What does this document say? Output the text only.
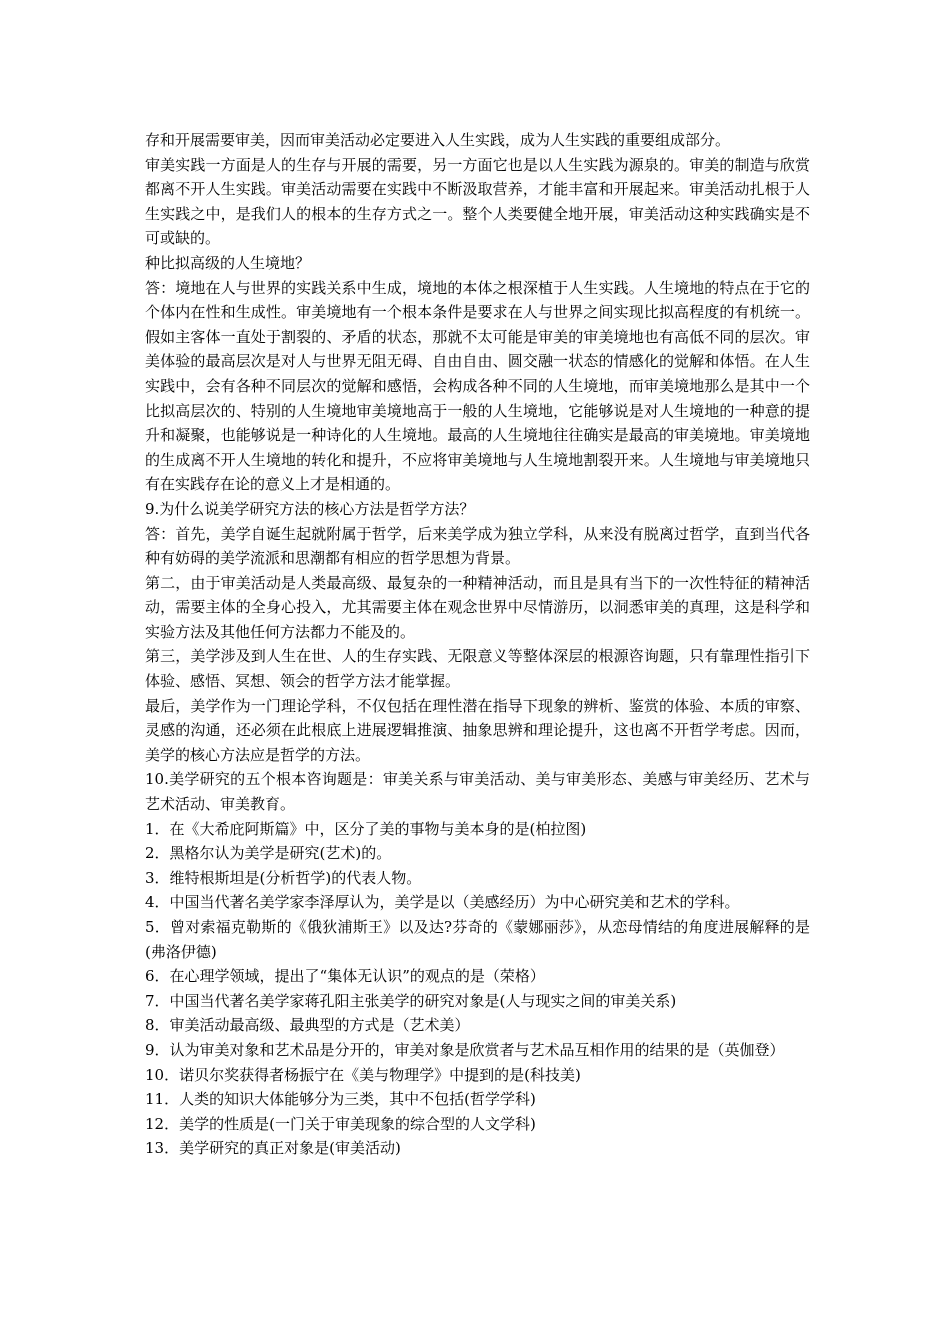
存和开展需要审美，因而审美活动必定要进入人生实践，成为人生实践的重要组成部分。

审美实践一方面是人的生存与开展的需要，另一方面它也是以人生实践为源泉的。审美的制造与欣赏都离不开人生实践。审美活动需要在实践中不断汲取营养，才能丰富和开展起来。审美活动扎根于人生实践之中，是我们人的根本的生存方式之一。整个人类要健全地开展，审美活动这种实践确实是不可或缺的。

种比拟高级的人生境地？

答：境地在人与世界的实践关系中生成，境地的本体之根深植于人生实践。人生境地的特点在于它的个体内在性和生成性。审美境地有一个根本条件是要求在人与世界之间实现比拟高程度的有机统一。假如主客体一直处于割裂的、矛盾的状态，那就不太可能是审美的审美境地也有高低不同的层次。审美体验的最高层次是对人与世界无阻无碍、自由自由、圆交融一状态的情感化的觉解和体悟。在人生实践中，会有各种不同层次的觉解和感悟，会构成各种不同的人生境地，而审美境地那么是其中一个比拟高层次的、特别的人生境地审美境地高于一般的人生境地，它能够说是对人生境地的一种意的提升和凝聚，也能够说是一种诗化的人生境地。最高的人生境地往往确实是最高的审美境地。审美境地的生成离不开人生境地的转化和提升，不应将审美境地与人生境地割裂开来。人生境地与审美境地只有在实践存在论的意义上才是相通的。

9.为什么说美学研究方法的核心方法是哲学方法？

答：首先，美学自诞生起就附属于哲学，后来美学成为独立学科，从来没有脱离过哲学，直到当代各种有妨碍的美学流派和思潮都有相应的哲学思想为背景。

第二，由于审美活动是人类最高级、最复杂的一种精神活动，而且是具有当下的一次性特征的精神活动，需要主体的全身心投入，尤其需要主体在观念世界中尽情游历，以洞悉审美的真理，这是科学和实验方法及其他任何方法都力不能及的。

第三，美学涉及到人生在世、人的生存实践、无限意义等整体深层的根源咨询题，只有靠理性指引下体验、感悟、冥想、领会的哲学方法才能掌握。

最后，美学作为一门理论学科，不仅包括在理性潜在指导下现象的辨析、鉴赏的体验、本质的审察、灵感的沟通，还必须在此根底上进展逻辑推演、抽象思辨和理论提升，这也离不开哲学考虑。因而，美学的核心方法应是哲学的方法。

10.美学研究的五个根本咨询题是：审美关系与审美活动、美与审美形态、美感与审美经历、艺术与艺术活动、审美教育。

1．在《大希庇阿斯篇》中，区分了美的事物与美本身的是(柏拉图)

2．黑格尔认为美学是研究(艺术)的。

3．维特根斯坦是(分析哲学)的代表人物。

4．中国当代著名美学家李泽厚认为，美学是以（美感经历）为中心研究美和艺术的学科。

5．曾对索福克勒斯的《俄狄浦斯王》以及达?芬奇的《蒙娜丽莎》，从恋母情结的角度进展解释的是(弗洛伊德)

6．在心理学领域，提出了“集体无认识”的观点的是（荣格）

7．中国当代著名美学家蒋孔阳主张美学的研究对象是(人与现实之间的审美关系)

8．审美活动最高级、最典型的方式是（艺术美）

9．认为审美对象和艺术品是分开的，审美对象是欣赏者与艺术品互相作用的结果的是（英伽登）

10．诺贝尔奖获得者杨振宁在《美与物理学》中提到的是(科技美)

11．人类的知识大体能够分为三类，其中不包括(哲学学科)

12．美学的性质是(一门关于审美现象的综合型的人文学科)

13．美学研究的真正对象是(审美活动)
